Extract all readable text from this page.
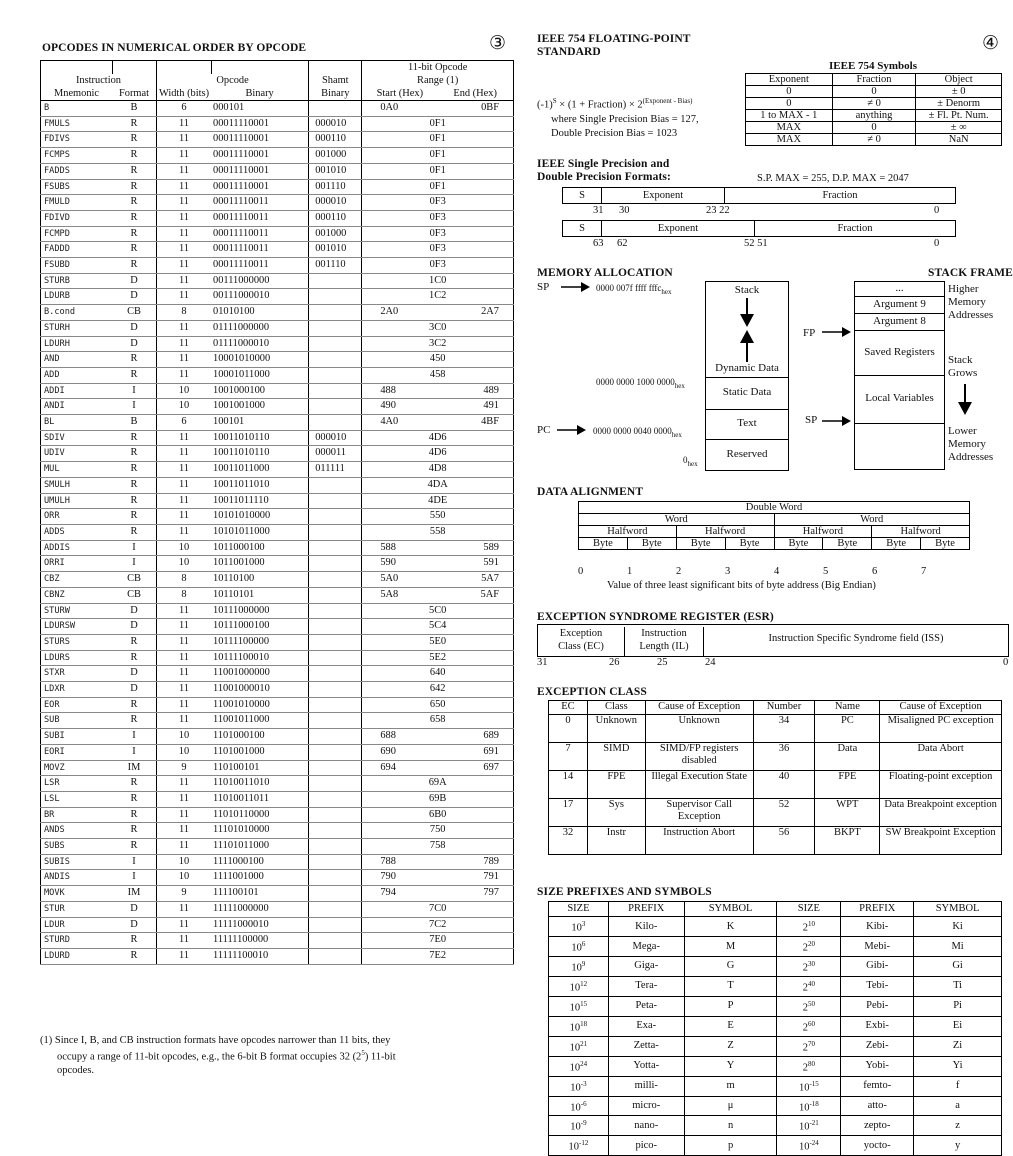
OPCODES IN NUMERICAL ORDER BY OPCODE	③
					11-bit Opcode	
Instruction		Opcode		Shamt	Range (1)	
Mnemonic	Format	Width (bits)	Binary	Binary	Start (Hex)	End (Hex)
B	B	6	000101		0A0	0BF
FMULS	R	11	00011110001	000010	0F1	
FDIVS	R	11	00011110001	000110	0F1	
FCMPS	R	11	00011110001	001000	0F1	
FADDS	R	11	00011110001	001010	0F1	
FSUBS	R	11	00011110001	001110	0F1	
FMULD	R	11	00011110011	000010	0F3	
FDIVD	R	11	00011110011	000110	0F3	
FCMPD	R	11	00011110011	001000	0F3	
FADDD	R	11	00011110011	001010	0F3	
FSUBD	R	11	00011110011	001110	0F3	
STURB	D	11	00111000000		1C0	
LDURB	D	11	00111000010		1C2	
B.cond	CB	8	01010100		2A0	2A7
STURH	D	11	01111000000		3C0	
LDURH	D	11	01111000010		3C2	
AND	R	11	10001010000		450	
ADD	R	11	10001011000		458	
ADDI	I	10	1001000100		488	489
ANDI	I	10	1001001000		490	491
BL	B	6	100101		4A0	4BF
SDIV	R	11	10011010110	000010	4D6	
UDIV	R	11	10011010110	000011	4D6	
MUL	R	11	10011011000	011111	4D8	
SMULH	R	11	10011011010		4DA	
UMULH	R	11	10011011110		4DE	
ORR	R	11	10101010000		550	
ADDS	R	11	10101011000		558	
ADDIS	I	10	1011000100		588	589
ORRI	I	10	1011001000		590	591
CBZ	CB	8	10110100		5A0	5A7
CBNZ	CB	8	10110101		5A8	5AF
STURW	D	11	10111000000		5C0	
LDURSW	D	11	10111000100		5C4	
STURS	R	11	10111100000		5E0	
LDURS	R	11	10111100010		5E2	
STXR	D	11	11001000000		640	
LDXR	D	11	11001000010		642	
EOR	R	11	11001010000		650	
SUB	R	11	11001011000		658	
SUBI	I	10	1101000100		688	689
EORI	I	10	1101001000		690	691
MOVZ	IM	9	110100101		694	697
LSR	R	11	11010011010		69A	
LSL	R	11	11010011011		69B	
BR	R	11	11010110000		6B0	
ANDS	R	11	11101010000		750	
SUBS	R	11	11101011000		758	
SUBIS	I	10	1111000100		788	789
ANDIS	I	10	1111001000		790	791
MOVK	IM	9	111100101		794	797
STUR	D	11	11111000000		7C0	
LDUR	D	11	11111000010		7C2	
STURD	R	11	11111100000		7E0	
LDURD	R	11	11111100010		7E2	
(1) Since I, B, and CB instruction formats have opcodes narrower than 11 bits, they
occupy a range of 11-bit opcodes, e.g., the 6-bit B format occupies 32 $(2^5)$ 11-bit
opcodes.
IEEE 754 FLOATING-POINT
STANDARD	④
$(-1)^S \times (1$ + Fraction) × $2^{(Exponent - Bias)}$
where Single Precision Bias = 127,
Double Precision Bias = 1023
IEEE 754 Symbols
Exponent	Fraction	Object
0	0	± 0
0	≠ 0	± Denorm
1 to MAX - 1	anything	± Fl. Pt. Num.
MAX	0	± ∞
MAX	≠ 0	NaN
S.P. MAX = 255, D.P. MAX = 2047
IEEE Single Precision and
Double Precision Formats:
S	Exponent	Fraction
31 30	23 22	0
S	Exponent	Fraction
63 62	52 51	0
MEMORY ALLOCATION	STACK FRAME
SP	0000 007f ffff fffc$_{hex}$	Stack
Dynamic Data
Static Data
Text
Reserved
0000 0000 1000 $0000_{hex}$
PC	0000 0000 0040 $0000_{hex}$
$0_{hex}$
...
Argument 9
Argument 8
Saved Registers
Local Variables
FP
SP
Higher
Memory
Addresses
Stack
Grows
Lower
Memory
Addresses
DATA ALIGNMENT
Double Word							
Word				Word			
Halfword		Halfword		Halfword		Halfword	
Byte	Byte	Byte	Byte	Byte	Byte	Byte	Byte
0	1	2	3	4	5	6	7
Value of three least significant bits of byte address (Big Endian)
EXCEPTION SYNDROME REGISTER (ESR)
Exception
Class (EC)
Instruction
Length (IL)
Instruction Specific Syndrome field (ISS)
31	26	25	24	0
EXCEPTION CLASS
EC	Class	Cause of Exception	Number	Name	Cause of Exception
0	Unknown	Unknown	34	PC	Misaligned PC exception
7	SIMD	SIMD/FP registers disabled	36	Data	Data Abort
14	FPE	Illegal Execution State	40	FPE	Floating-point exception
17	Sys	Supervisor Call Exception	52	WPT	Data Breakpoint exception
32	Instr	Instruction Abort	56	BKPT	SW Breakpoint Exception
SIZE PREFIXES AND SYMBOLS
SIZE	PREFIX	SYMBOL	SIZE	PREFIX	SYMBOL
$10^3$	Kilo-	K	$2^{10}$	Kibi-	Ki
$10^6$	Mega-	M	$2^{20}$	Mebi-	Mi
$10^9$	Giga-	G	$2^{30}$	Gibi-	Gi
$10^{12}$	Tera-	T	$2^{40}$	Tebi-	Ti
$10^{15}$	Peta-	P	$2^{50}$	Pebi-	Pi
$10^{18}$	Exa-	E	$2^{60}$	Exbi-	Ei
$10^{21}$	Zetta-	Z	$2^{70}$	Zebi-	Zi
$10^{24}$	Yotta-	Y	$2^{80}$	Yobi-	Yi
$10^{-3}$	milli-	m	$10^{-15}$	femto-	f
$10^{-6}$	micro-	μ	$10^{-18}$	atto-	a
$10^{-9}$	nano-	n	$10^{-21}$	zepto-	z
$10^{-12}$	pico-	p	$10^{-24}$	yocto-	y
